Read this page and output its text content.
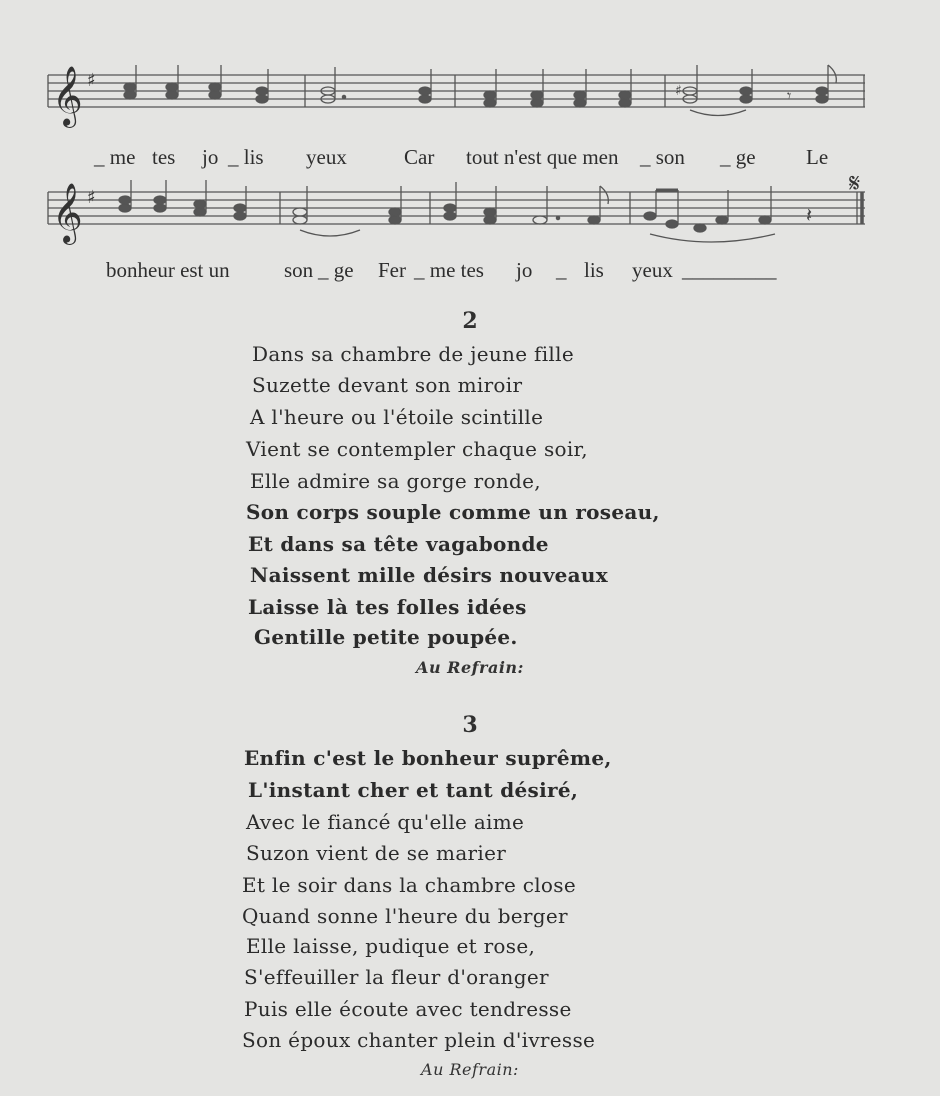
𝄞 ♯	♯	𝄾
_ me tes jo _ lis yeux	Car tout n'est que men _ son _ ge Le
𝄞 ♯	𝄋
𝄽
bonheur est un	son _ ge Fer _ me tes jo _ lis yeux _________
2
Dans sa chambre de jeune fille
Suzette devant son miroir
A l'heure ou l'étoile scintille
Vient se contempler chaque soir,
Elle admire sa gorge ronde,
Son corps souple comme un roseau,
Et dans sa tête vagabonde
Naissent mille désirs nouveaux
Laisse là tes folles idées
Gentille petite poupée.
Au Refrain:
3
Enfin c'est le bonheur suprême,
L'instant cher et tant désiré,
Avec le fiancé qu'elle aime
Suzon vient de se marier
Et le soir dans la chambre close
Quand sonne l'heure du berger
Elle laisse, pudique et rose,
S'effeuiller la fleur d'oranger
Puis elle écoute avec tendresse
Son époux chanter plein d'ivresse
Au Refrain:
